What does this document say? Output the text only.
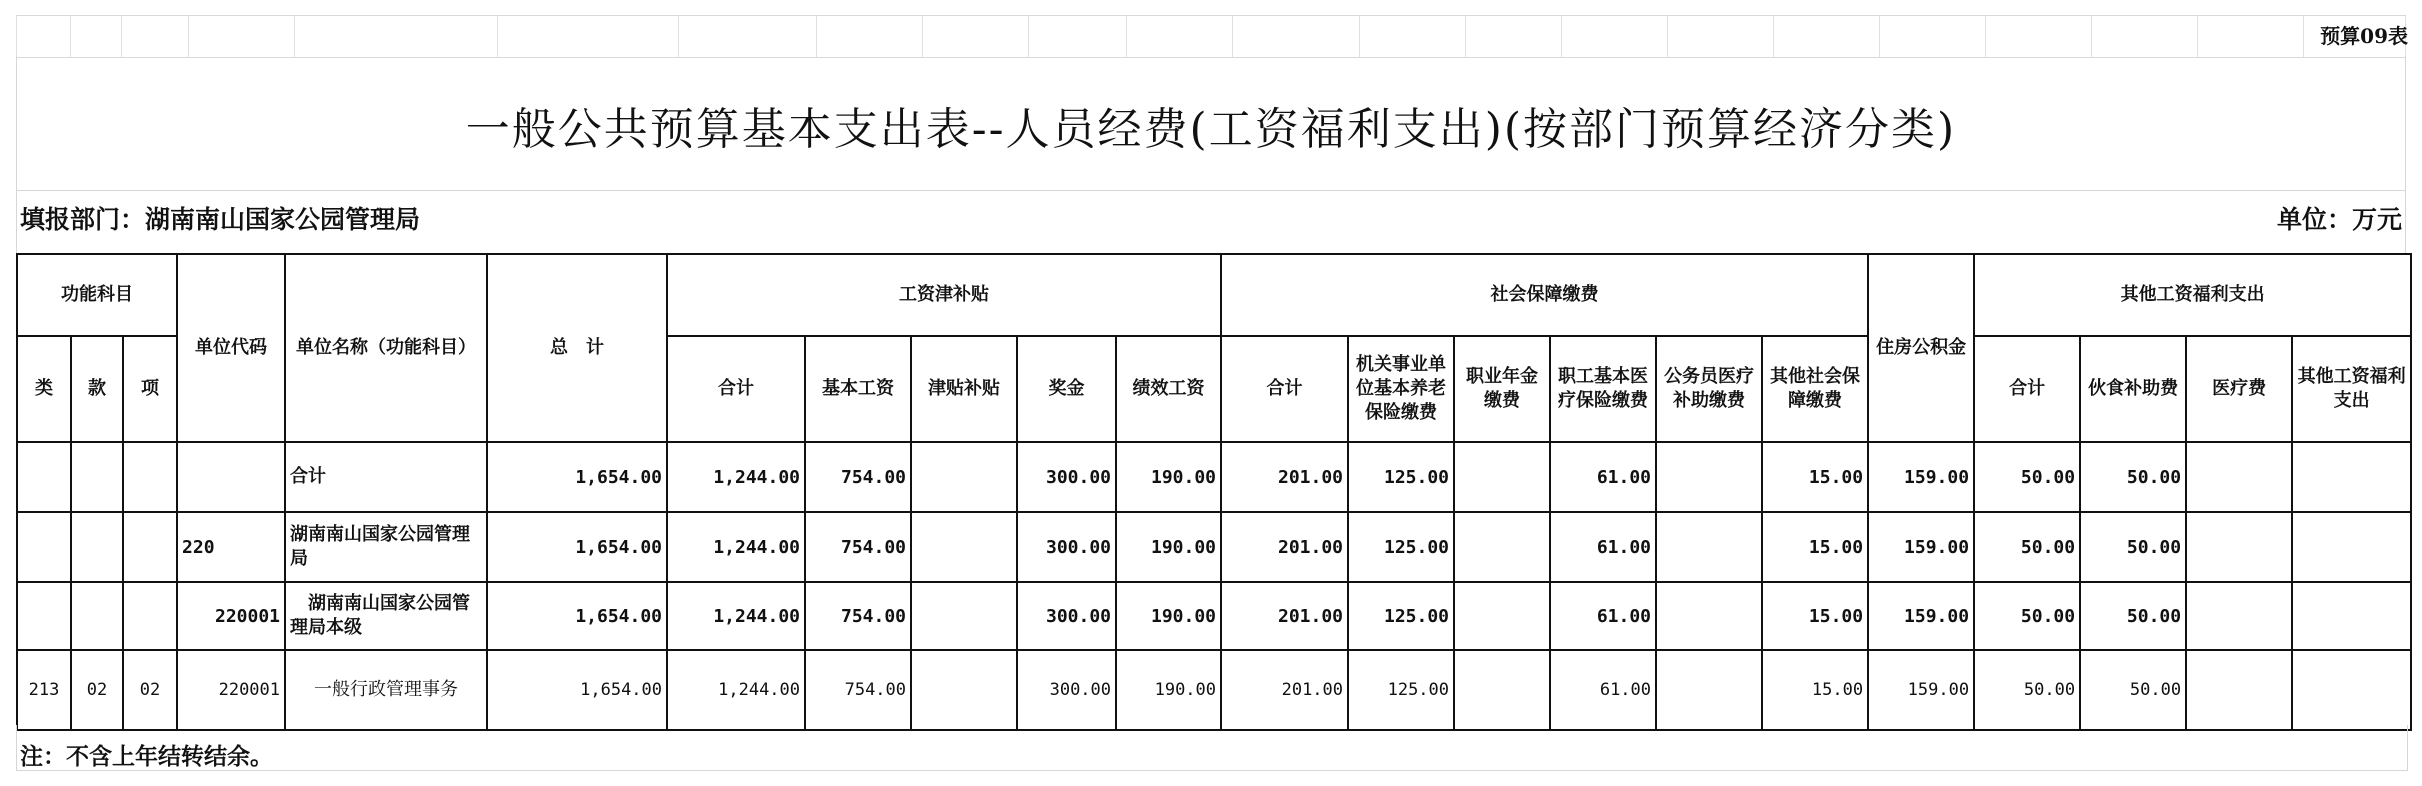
预算09表
一般公共预算基本支出表--人员经费(工资福利支出)(按部门预算经济分类)
填报部门：湖南南山国家公园管理局	单位：万元
功能科目			单位代码	单位名称（功能科目）	总　计	工资津补贴					社会保障缴费						住房公积金	其他工资福利支出			
类	款	项				合计	基本工资	津贴补贴	奖金	绩效工资	合计	机关事业单位基本养老保险缴费	职业年金缴费	职工基本医疗保险缴费	公务员医疗补助缴费	其他社会保障缴费		合计	伙食补助费	医疗费	其他工资福利支出
				合计	1,654.00	1,244.00	754.00		300.00	190.00	201.00	125.00		61.00		15.00	159.00	50.00	50.00		
			220	湖南南山国家公园管理局	1,654.00	1,244.00	754.00		300.00	190.00	201.00	125.00		61.00		15.00	159.00	50.00	50.00		
			220001	　湖南南山国家公园管理局本级	1,654.00	1,244.00	754.00		300.00	190.00	201.00	125.00		61.00		15.00	159.00	50.00	50.00		
213	02	02	220001	一般行政管理事务	1,654.00	1,244.00	754.00		300.00	190.00	201.00	125.00		61.00		15.00	159.00	50.00	50.00		
注：不含上年结转结余。
